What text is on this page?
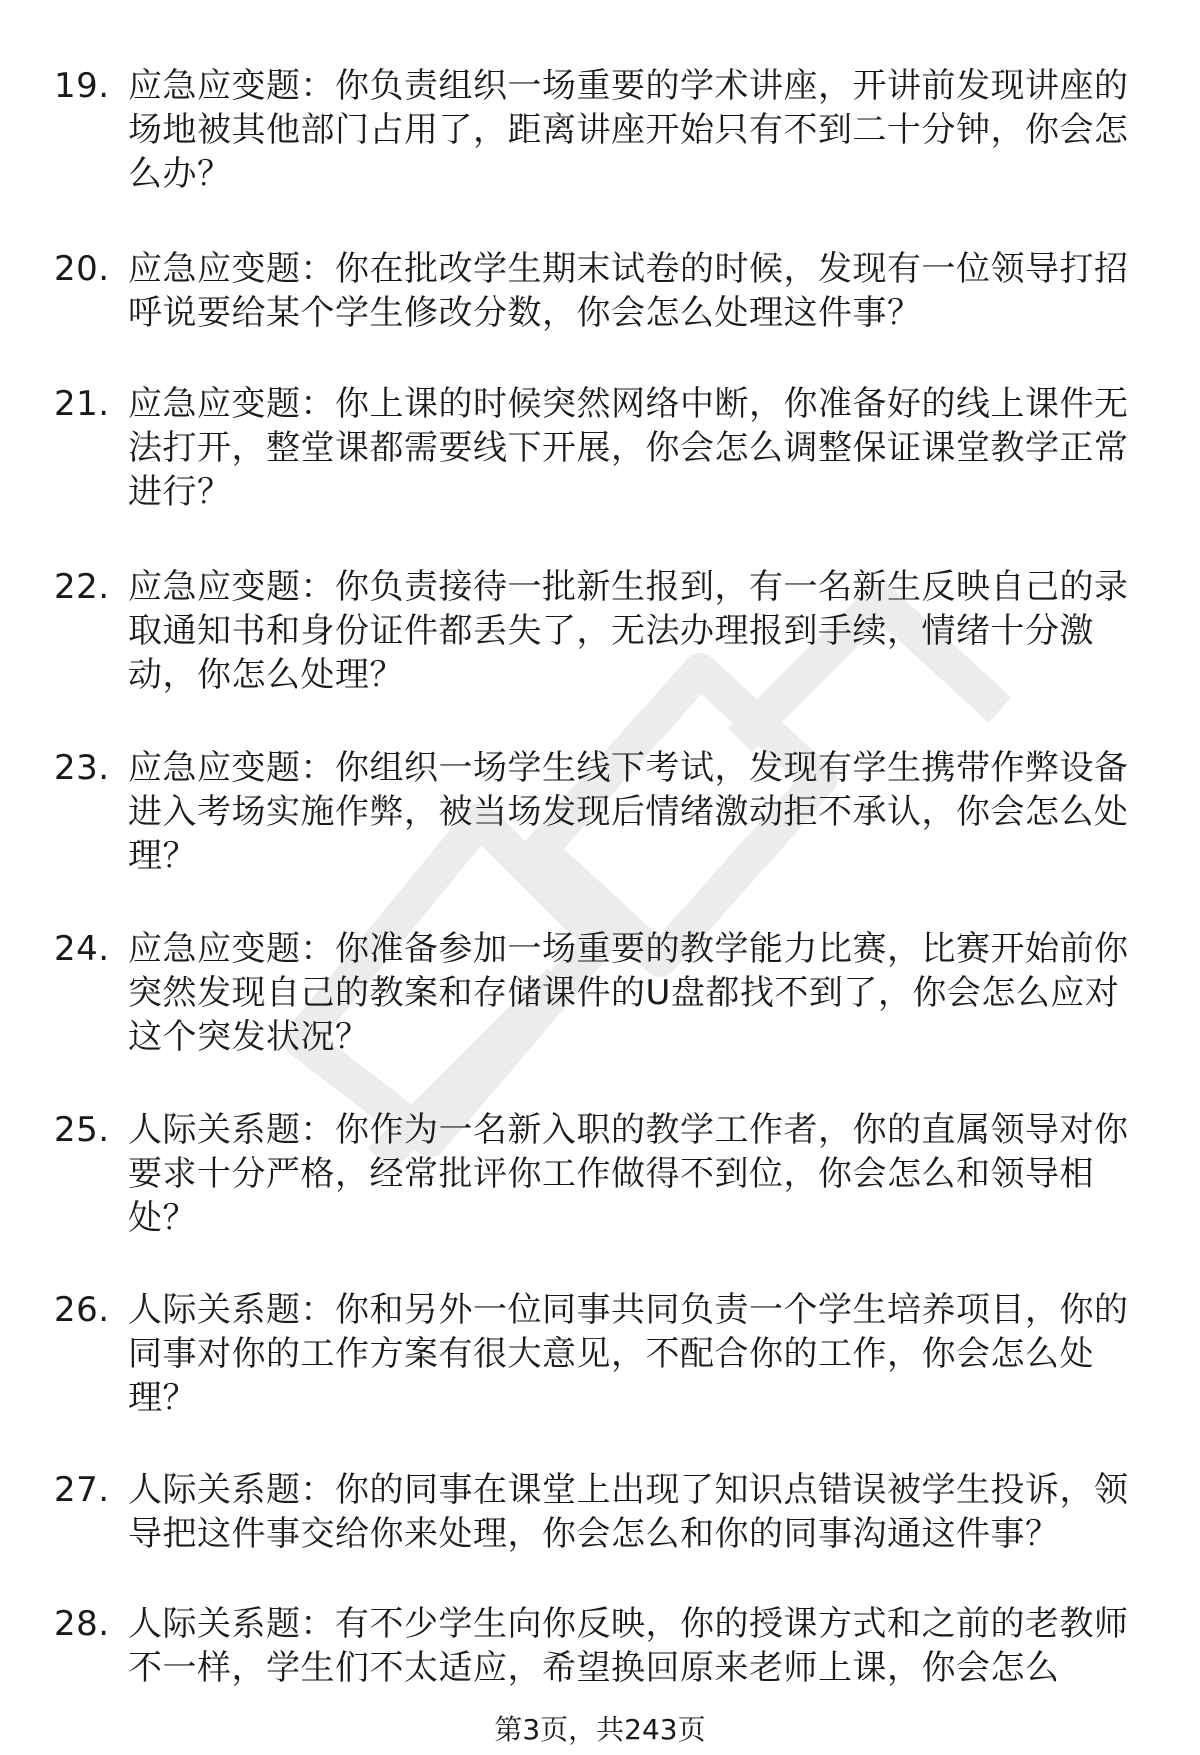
19. 应急应变题：你负责组织一场重要的学术讲座，开讲前发现讲座的场地被其他部门占用了，距离讲座开始只有不到二十分钟，你会怎么办？
20. 应急应变题：你在批改学生期末试卷的时候，发现有一位领导打招呼说要给某个学生修改分数，你会怎么处理这件事？
21. 应急应变题：你上课的时候突然网络中断，你准备好的线上课件无法打开，整堂课都需要线下开展，你会怎么调整保证课堂教学正常进行？
22. 应急应变题：你负责接待一批新生报到，有一名新生反映自己的录取通知书和身份证件都丢失了，无法办理报到手续，情绪十分激动，你怎么处理？
23. 应急应变题：你组织一场学生线下考试，发现有学生携带作弊设备进入考场实施作弊，被当场发现后情绪激动拒不承认，你会怎么处理？
24. 应急应变题：你准备参加一场重要的教学能力比赛，比赛开始前你突然发现自己的教案和存储课件的U盘都找不到了，你会怎么应对这个突发状况？
25. 人际关系题：你作为一名新入职的教学工作者，你的直属领导对你要求十分严格，经常批评你工作做得不到位，你会怎么和领导相处？
26. 人际关系题：你和另外一位同事共同负责一个学生培养项目，你的同事对你的工作方案有很大意见，不配合你的工作，你会怎么处理？
27. 人际关系题：你的同事在课堂上出现了知识点错误被学生投诉，领导把这件事交给你来处理，你会怎么和你的同事沟通这件事？
28. 人际关系题：有不少学生向你反映，你的授课方式和之前的老教师不一样，学生们不太适应，希望换回原来老师上课，你会怎么
第3页，共243页
